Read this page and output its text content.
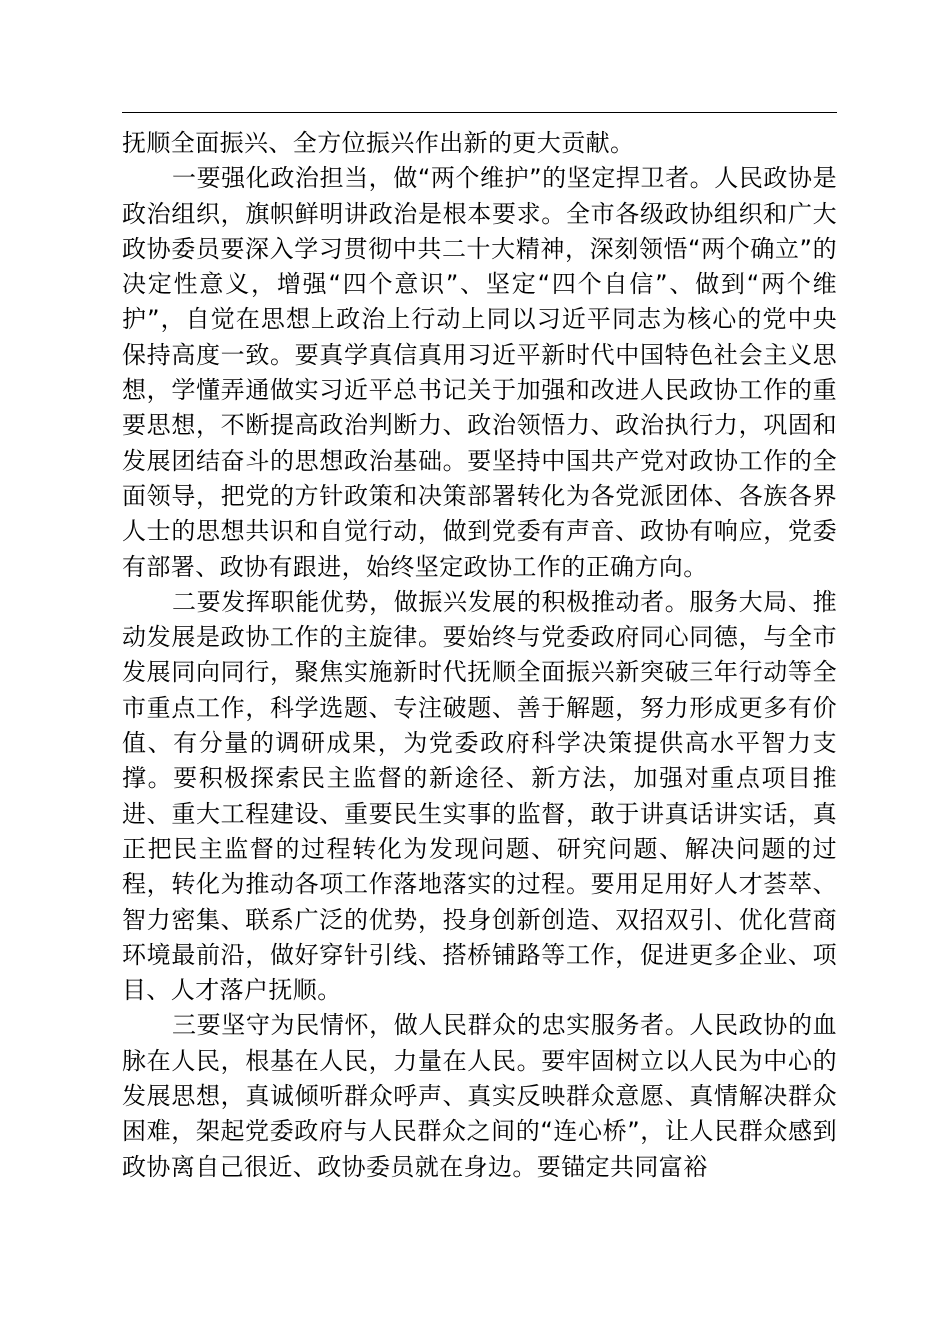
抚顺全面振兴、全方位振兴作出新的更大贡献。

一要强化政治担当，做“两个维护”的坚定捍卫者。人民政协是政治组织，旗帜鲜明讲政治是根本要求。全市各级政协组织和广大政协委员要深入学习贯彻中共二十大精神，深刻领悟“两个确立”的决定性意义，增强“四个意识”、坚定“四个自信”、做到“两个维护”，自觉在思想上政治上行动上同以习近平同志为核心的党中央保持高度一致。要真学真信真用习近平新时代中国特色社会主义思想，学懂弄通做实习近平总书记关于加强和改进人民政协工作的重要思想，不断提高政治判断力、政治领悟力、政治执行力，巩固和发展团结奋斗的思想政治基础。要坚持中国共产党对政协工作的全面领导，把党的方针政策和决策部署转化为各党派团体、各族各界人士的思想共识和自觉行动，做到党委有声音、政协有响应，党委有部署、政协有跟进，始终坚定政协工作的正确方向。

二要发挥职能优势，做振兴发展的积极推动者。服务大局、推动发展是政协工作的主旋律。要始终与党委政府同心同德，与全市发展同向同行，聚焦实施新时代抚顺全面振兴新突破三年行动等全市重点工作，科学选题、专注破题、善于解题，努力形成更多有价值、有分量的调研成果，为党委政府科学决策提供高水平智力支撑。要积极探索民主监督的新途径、新方法，加强对重点项目推进、重大工程建设、重要民生实事的监督，敢于讲真话讲实话，真正把民主监督的过程转化为发现问题、研究问题、解决问题的过程，转化为推动各项工作落地落实的过程。要用足用好人才荟萃、智力密集、联系广泛的优势，投身创新创造、双招双引、优化营商环境最前沿，做好穿针引线、搭桥铺路等工作，促进更多企业、项目、人才落户抚顺。

三要坚守为民情怀，做人民群众的忠实服务者。人民政协的血脉在人民，根基在人民，力量在人民。要牢固树立以人民为中心的发展思想，真诚倾听群众呼声、真实反映群众意愿、真情解决群众困难，架起党委政府与人民群众之间的“连心桥”，让人民群众感到政协离自己很近、政协委员就在身边。要锚定共同富裕
